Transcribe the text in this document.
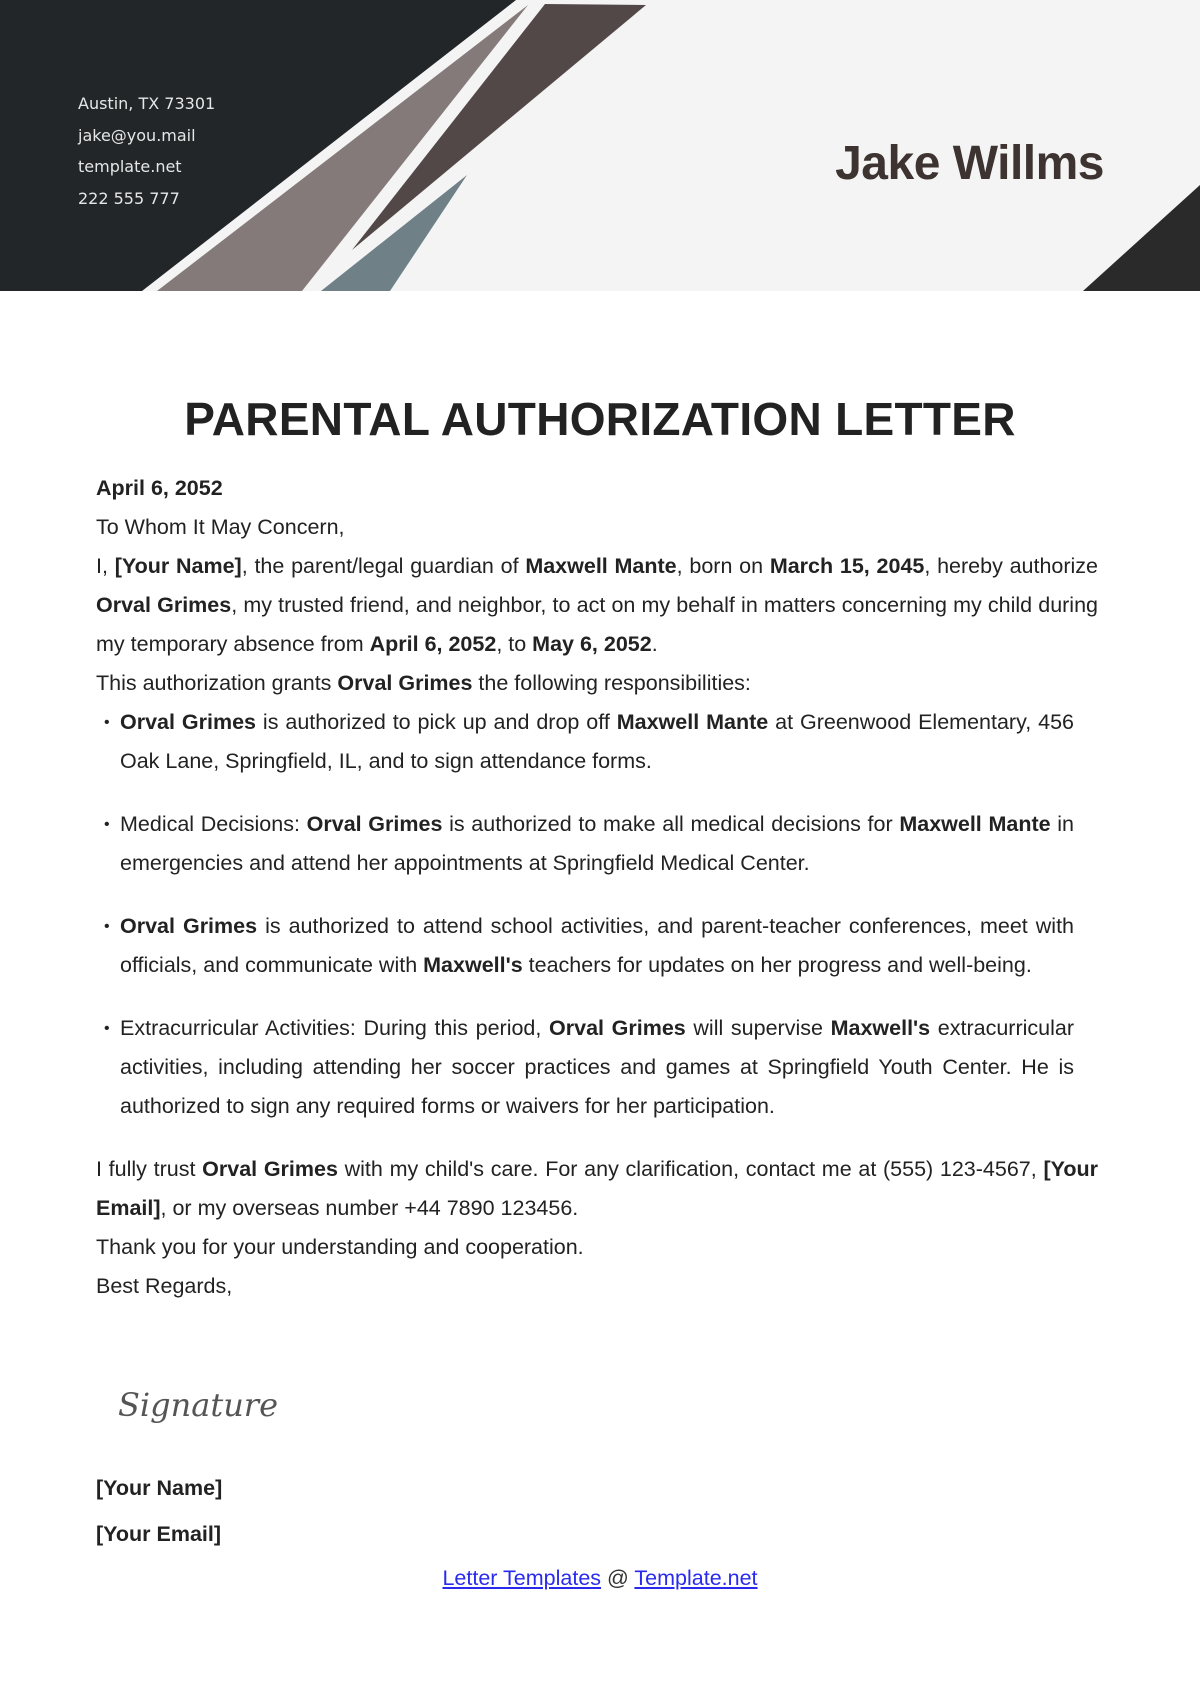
Austin, TX 73301
jake@you.mail
template.net
222 555 777
Jake Willms
PARENTAL AUTHORIZATION LETTER

April 6, 2052

To Whom It May Concern,

I, [Your Name], the parent/legal guardian of Maxwell Mante, born on March 15, 2045, hereby authorize Orval Grimes, my trusted friend, and neighbor, to act on my behalf in matters concerning my child during my temporary absence from April 6, 2052, to May 6, 2052.

This authorization grants Orval Grimes the following responsibilities:

• Orval Grimes is authorized to pick up and drop off Maxwell Mante at Greenwood Elementary, 456 Oak Lane, Springfield, IL, and to sign attendance forms.
• Medical Decisions: Orval Grimes is authorized to make all medical decisions for Maxwell Mante in emergencies and attend her appointments at Springfield Medical Center.
• Orval Grimes is authorized to attend school activities, and parent-teacher conferences, meet with officials, and communicate with Maxwell's teachers for updates on her progress and well-being.
• Extracurricular Activities: During this period, Orval Grimes will supervise Maxwell's extracurricular activities, including attending her soccer practices and games at Springfield Youth Center. He is authorized to sign any required forms or waivers for her participation.

I fully trust Orval Grimes with my child's care. For any clarification, contact me at (555) 123-4567, [Your Email], or my overseas number +44 7890 123456.

Thank you for your understanding and cooperation.

Best Regards,

Signature
[Your Name]
[Your Email]
Letter Templates @ Template.net
